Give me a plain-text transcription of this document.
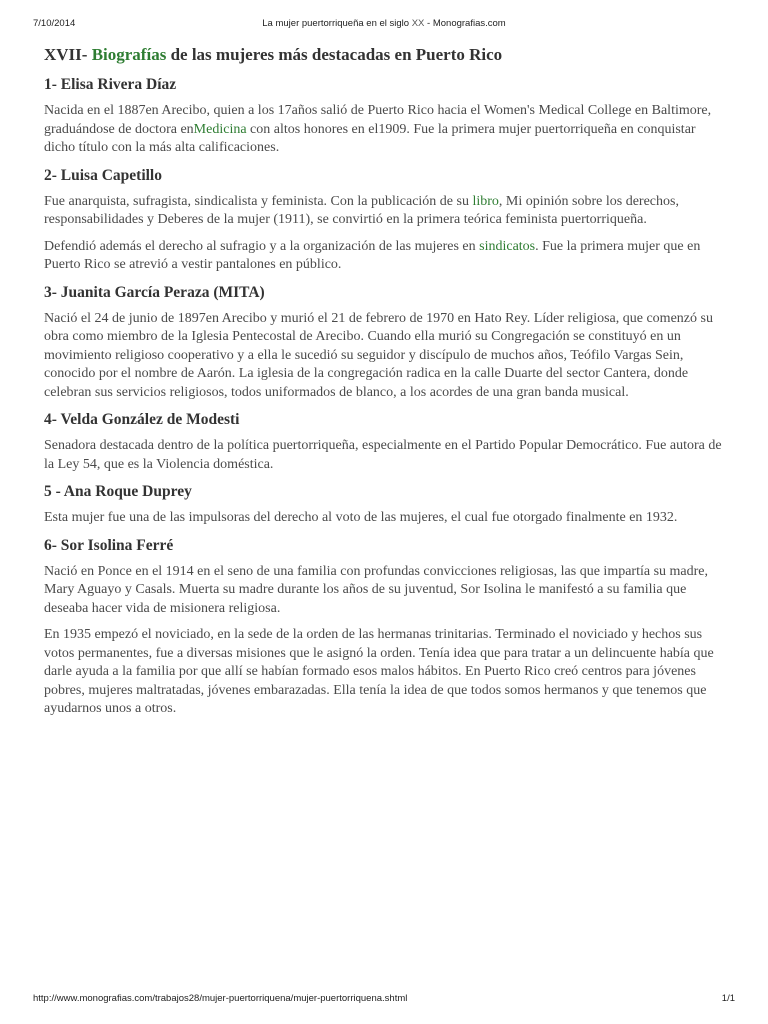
7/10/2014	La mujer puertorriqueña en el siglo XX - Monografias.com
XVII- Biografías de las mujeres más destacadas en Puerto Rico
1- Elisa Rivera Díaz

Nacida en el 1887en Arecibo, quien a los 17años salió de Puerto Rico hacia el Women's Medical College en Baltimore, graduándose de doctora enMedicina con altos honores en el1909. Fue la primera mujer puertorriqueña en conquistar dicho título con la más alta calificaciones.

2- Luisa Capetillo

Fue anarquista, sufragista, sindicalista y feminista. Con la publicación de su libro, Mi opinión sobre los derechos, responsabilidades y Deberes de la mujer (1911), se convirtió en la primera teórica feminista puertorriqueña.

Defendió además el derecho al sufragio y a la organización de las mujeres en sindicatos. Fue la primera mujer que en Puerto Rico se atrevió a vestir pantalones en público.

3- Juanita García Peraza (MITA)

Nació el 24 de junio de 1897en Arecibo y murió el 21 de febrero de 1970 en Hato Rey. Líder religiosa, que comenzó su obra como miembro de la Iglesia Pentecostal de Arecibo. Cuando ella murió su Congregación se constituyó en un movimiento religioso cooperativo y a ella le sucedió su seguidor y discípulo de muchos años, Teófilo Vargas Sein, conocido por el nombre de Aarón. La iglesia de la congregación radica en la calle Duarte del sector Cantera, donde celebran sus servicios religiosos, todos uniformados de blanco, a los acordes de una gran banda musical.

4- Velda González de Modesti

Senadora destacada dentro de la política puertorriqueña, especialmente en el Partido Popular Democrático. Fue autora de la Ley 54, que es la Violencia doméstica.

5 - Ana Roque Duprey

Esta mujer fue una de las impulsoras del derecho al voto de las mujeres, el cual fue otorgado finalmente en 1932.

6- Sor Isolina Ferré

Nació en Ponce en el 1914 en el seno de una familia con profundas convicciones religiosas, las que impartía su madre, Mary Aguayo y Casals. Muerta su madre durante los años de su juventud, Sor Isolina le manifestó a su familia que deseaba hacer vida de misionera religiosa.

En 1935 empezó el noviciado, en la sede de la orden de las hermanas trinitarias. Terminado el noviciado y hechos sus votos permanentes, fue a diversas misiones que le asignó la orden. Tenía idea que para tratar a un delincuente había que darle ayuda a la familia por que allí se habían formado esos malos hábitos. En Puerto Rico creó centros para jóvenes pobres, mujeres maltratadas, jóvenes embarazadas. Ella tenía la idea de que todos somos hermanos y que tenemos que ayudarnos unos a otros.

http://www.monografias.com/trabajos28/mujer-puertorriquena/mujer-puertorriquena.shtml	1/1
